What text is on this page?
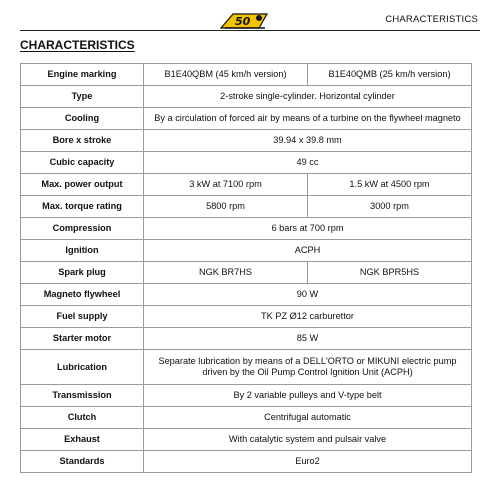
50	CHARACTERISTICS
CHARACTERISTICS
Engine marking	B1E40QBM (45 km/h version)	B1E40QMB (25 km/h version)
Type	2-stroke single-cylinder. Horizontal cylinder	
Cooling	By a circulation of forced air by means of a turbine on the flywheel magneto	
Bore x stroke	39.94 x 39.8 mm	
Cubic capacity	49 cc	
Max. power output	3 kW at 7100 rpm	1.5 kW at 4500 rpm
Max. torque rating	5800 rpm	3000 rpm
Compression	6 bars at 700 rpm	
Ignition	ACPH	
Spark plug	NGK BR7HS	NGK BPR5HS
Magneto flywheel	90 W	
Fuel supply	TK PZ Ø12 carburettor	
Starter motor	85 W	
Lubrication	Separate lubrication by means of a DELL'ORTO or MIKUNI electric pump
driven by the Oil Pump Control Ignition Unit (ACPH)	

Transmission	By 2 variable pulleys and V-type belt	
Clutch	Centrifugal automatic	
Exhaust	With catalytic system and pulsair valve	
Standards	Euro2	
